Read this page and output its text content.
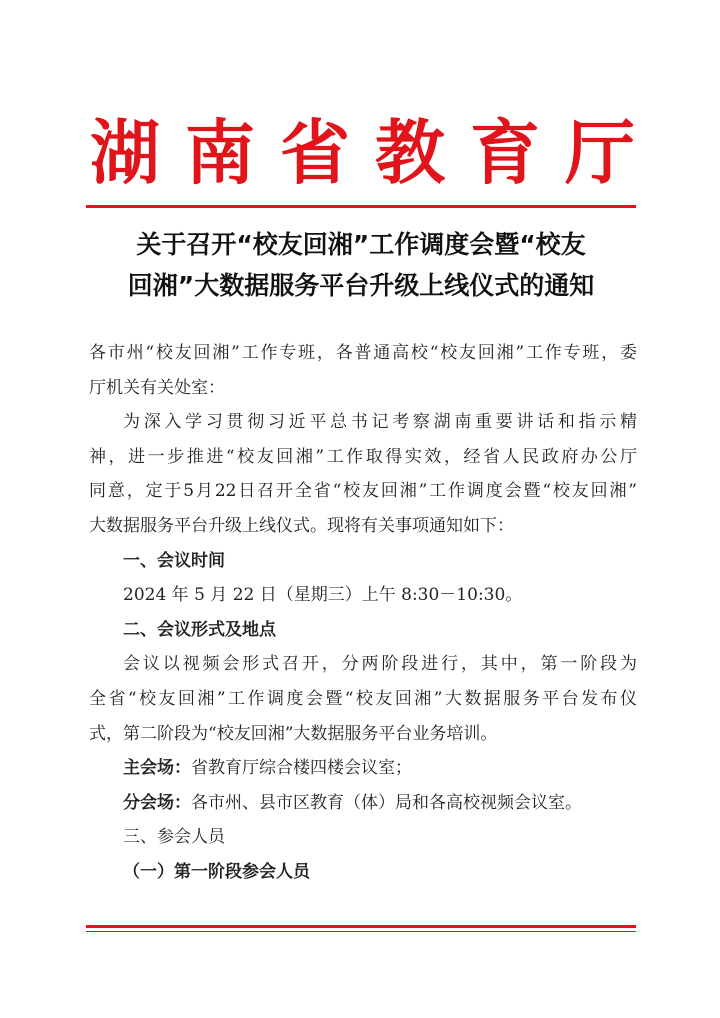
湖 南 省 教 育 厅
关于召开“校友回湘”工作调度会暨“校友
回湘”大数据服务平台升级上线仪式的通知
各市州“校友回湘”工作专班，各普通高校“校友回湘”工作专班，委
厅机关有关处室：
为深入学习贯彻习近平总书记考察湖南重要讲话和指示精
神，进一步推进“校友回湘”工作取得实效，经省人民政府办公厅
同意，定于5月22日召开全省“校友回湘”工作调度会暨“校友回湘”
大数据服务平台升级上线仪式。现将有关事项通知如下：
一、会议时间
2024 年 5 月 22 日（星期三）上午 8:30－10:30。
二、会议形式及地点
会议以视频会形式召开，分两阶段进行，其中，第一阶段为
全省“校友回湘”工作调度会暨“校友回湘”大数据服务平台发布仪
式，第二阶段为“校友回湘”大数据服务平台业务培训。
主会场：省教育厅综合楼四楼会议室；
分会场：各市州、县市区教育（体）局和各高校视频会议室。
三、参会人员
（一）第一阶段参会人员
